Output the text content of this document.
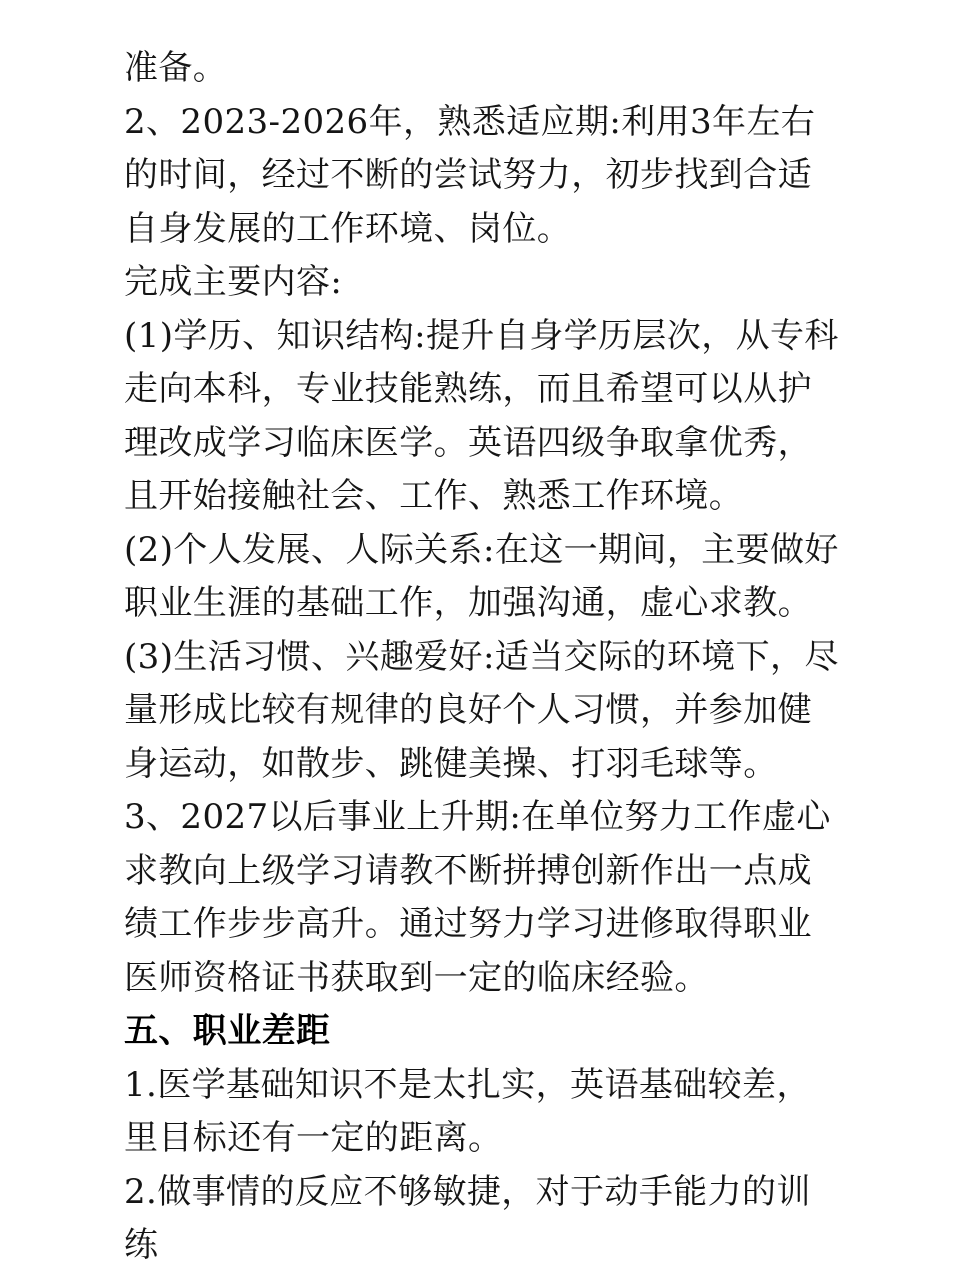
准备。

2、2023-2026年，熟悉适应期:利用3年左右的时间，经过不断的尝试努力，初步找到合适自身发展的工作环境、岗位。

完成主要内容:

(1)学历、知识结构:提升自身学历层次，从专科走向本科，专业技能熟练，而且希望可以从护理改成学习临床医学。英语四级争取拿优秀，且开始接触社会、工作、熟悉工作环境。

(2)个人发展、人际关系:在这一期间，主要做好职业生涯的基础工作，加强沟通，虚心求教。

(3)生活习惯、兴趣爱好:适当交际的环境下，尽量形成比较有规律的良好个人习惯，并参加健身运动，如散步、跳健美操、打羽毛球等。

3、2027以后事业上升期:在单位努力工作虚心求教向上级学习请教不断拼搏创新作出一点成绩工作步步高升。通过努力学习进修取得职业医师资格证书获取到一定的临床经验。

五、职业差距

1.医学基础知识不是太扎实，英语基础较差，里目标还有一定的距离。

2.做事情的反应不够敏捷，对于动手能力的训练
